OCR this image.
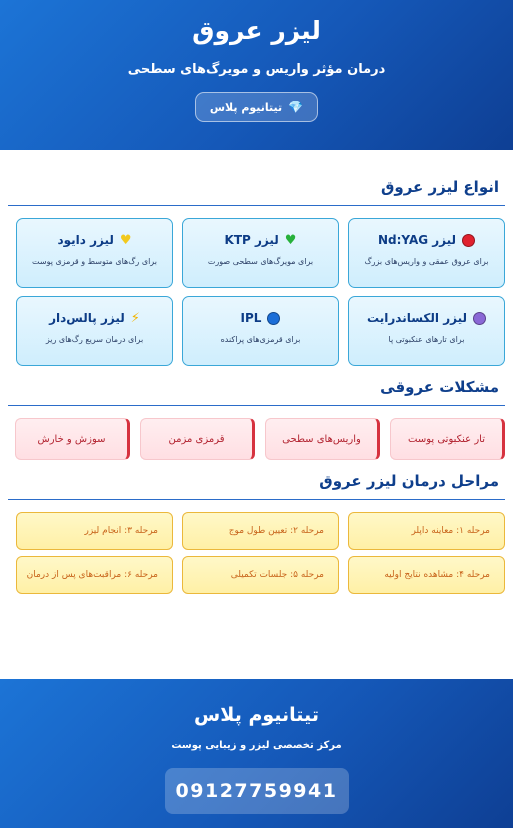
لیزر عروق

درمان مؤثر واریس و مویرگ‌های سطحی

💎
تیتانیوم پلاس
انواع لیزر عروق
لیزر Nd:YAG
برای عروق عمقی و واریس‌های بزرگ
♥
لیزر KTP
برای مویرگ‌های سطحی صورت
♥
لیزر دایود
برای رگ‌های متوسط و قرمزی پوست
لیزر الکساندرایت
برای تارهای عنکبوتی پا
IPL
برای قرمزی‌های پراکنده
⚡
لیزر پالس‌دار
برای درمان سریع رگ‌های ریز
مشکلات عروقی
تار عنکبوتی پوست
واریس‌های سطحی
قرمزی مزمن
سوزش و خارش
مراحل درمان لیزر عروق
مرحله ۱: معاینه داپلر
مرحله ۲: تعیین طول موج
مرحله ۳: انجام لیزر
مرحله ۴: مشاهده نتایج اولیه
مرحله ۵: جلسات تکمیلی
مرحله ۶: مراقبت‌های پس از درمان
تیتانیوم پلاس
مرکز تخصصی لیزر و زیبایی پوست
09127759941
